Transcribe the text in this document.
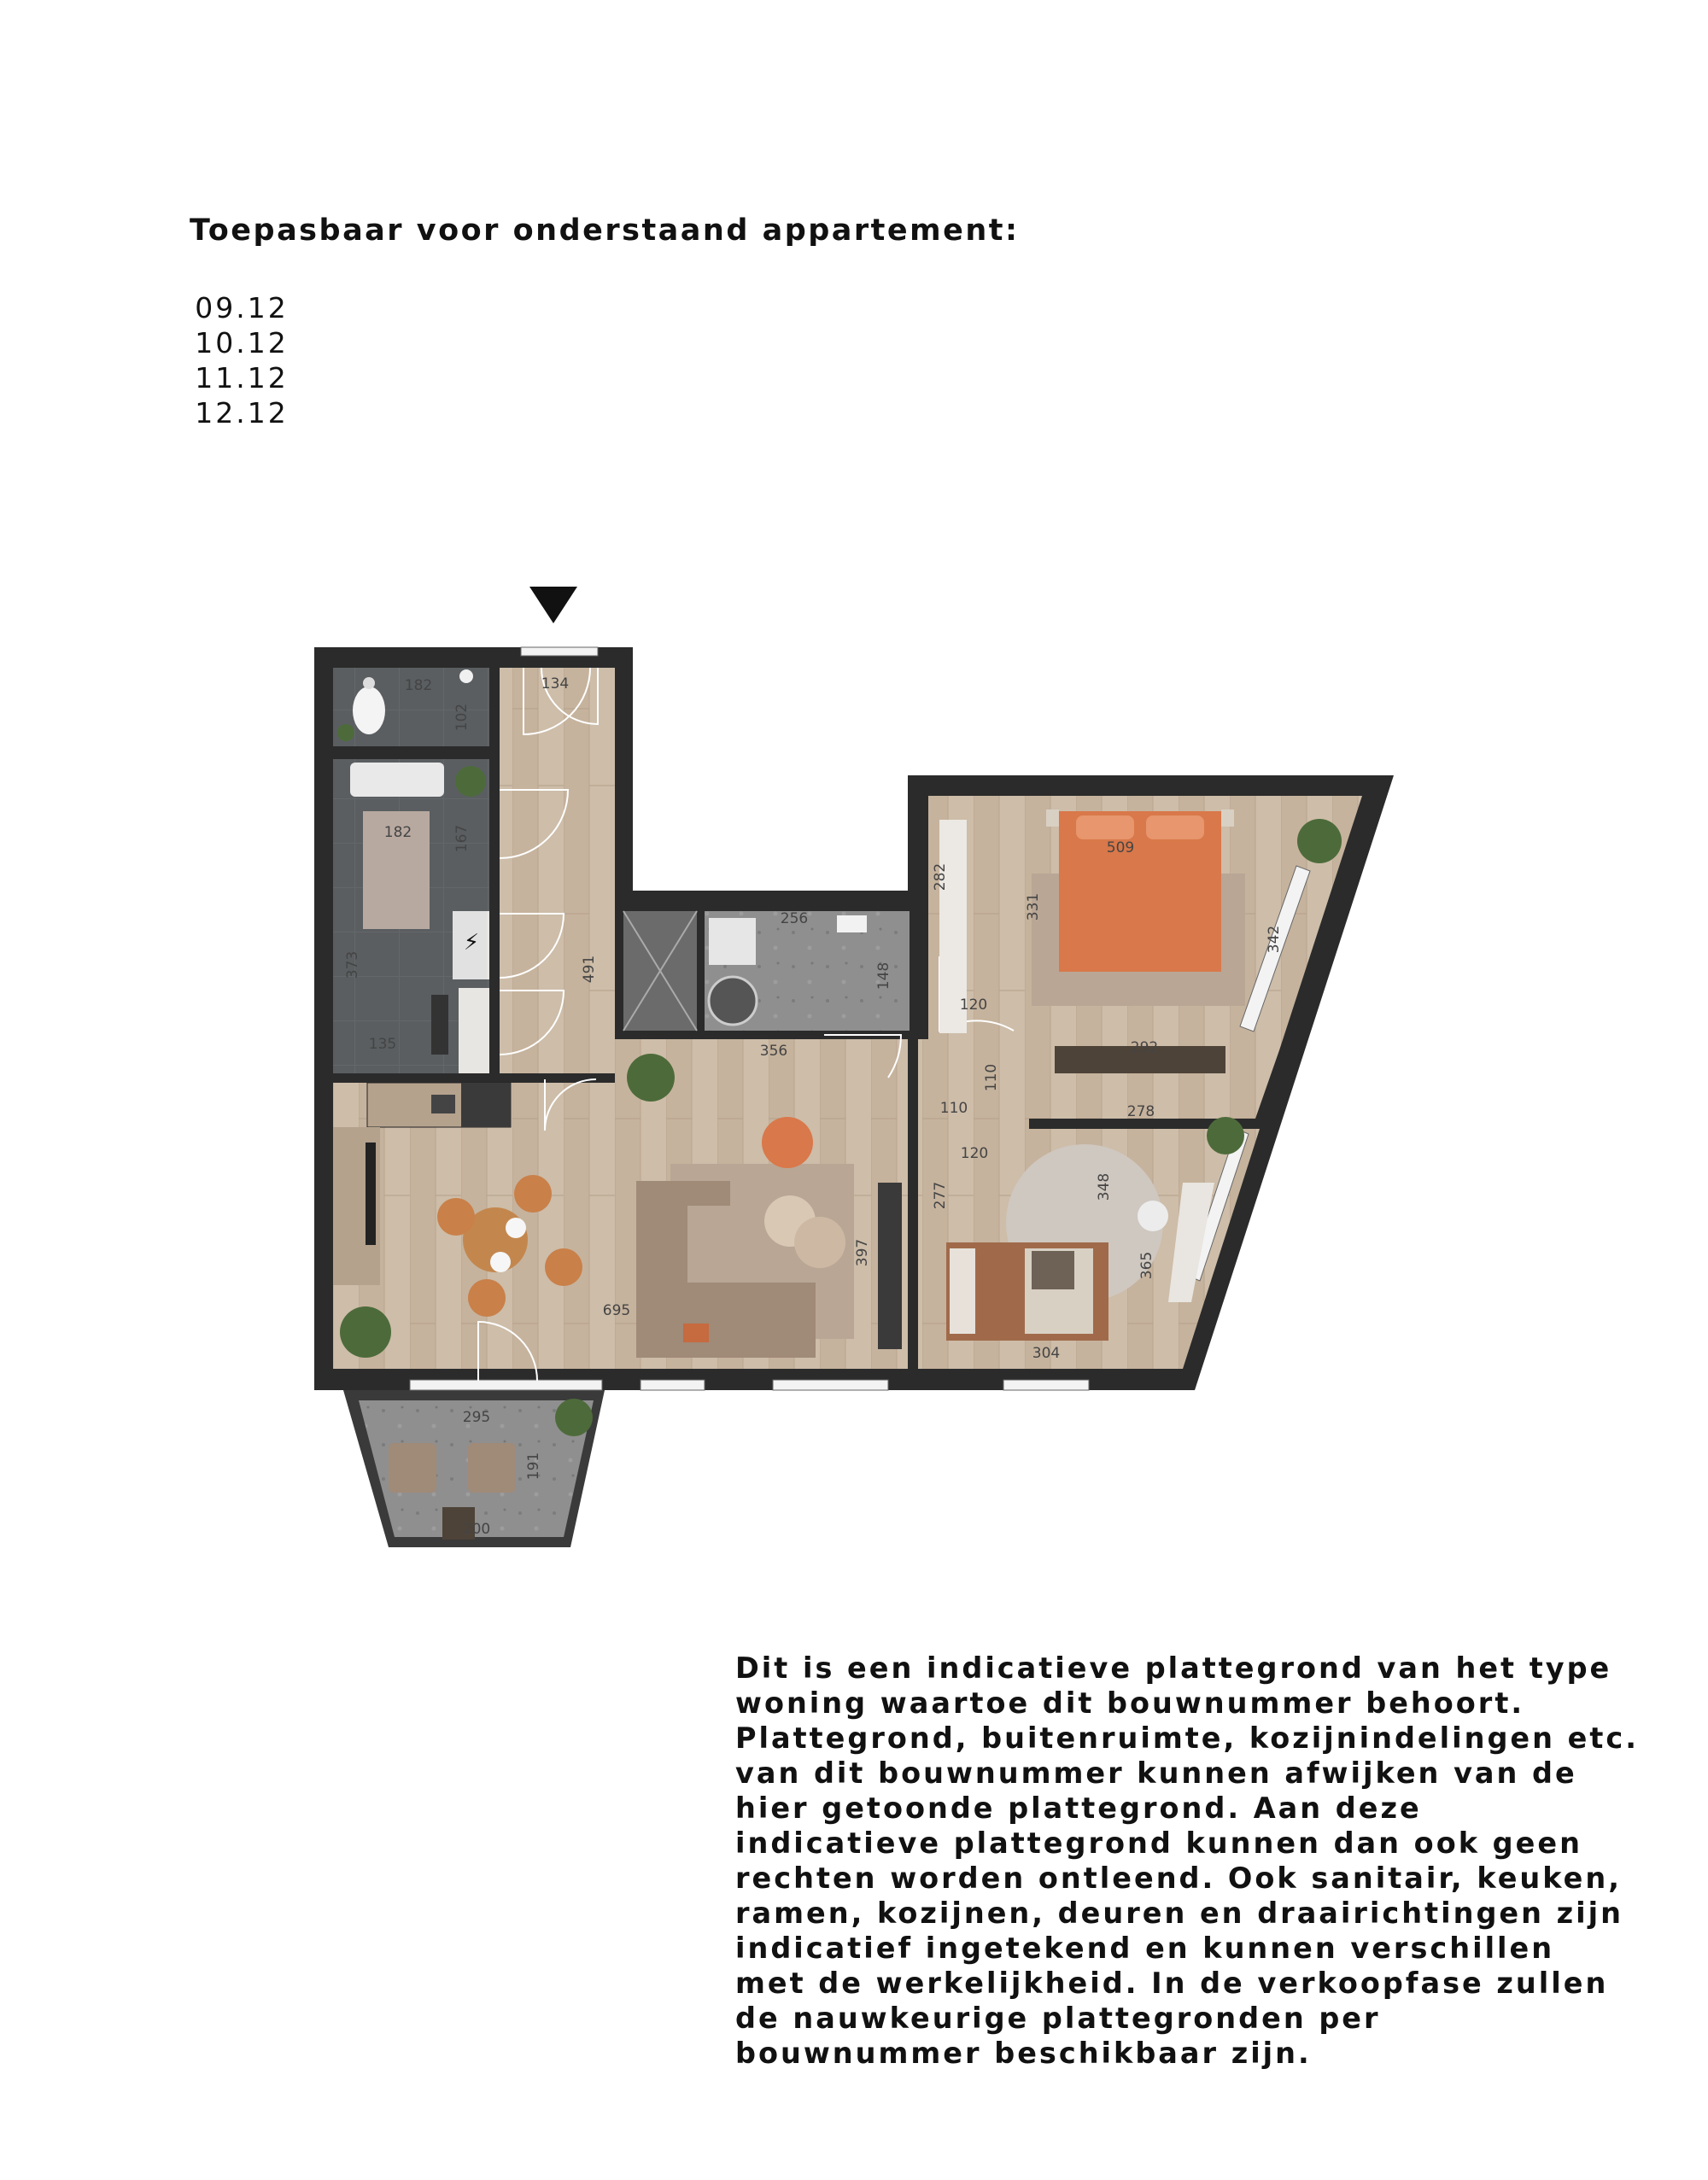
Toepasbaar voor onderstaand appartement:
09.12
10.12
11.12
12.12
⚡
182
102
134
182	167
373
135
491
256
148
356
282
509
331
342
120
292
110
110	278
120
277	348
365
397
695
304
295
191
200
Dit is een indicatieve plattegrond van het type
woning waartoe dit bouwnummer behoort.
Plattegrond, buitenruimte, kozijnindelingen etc.
van dit bouwnummer kunnen afwijken van de
hier getoonde plattegrond. Aan deze
indicatieve plattegrond kunnen dan ook geen
rechten worden ontleend. Ook sanitair, keuken,
ramen, kozijnen, deuren en draairichtingen zijn
indicatief ingetekend en kunnen verschillen
met de werkelijkheid. In de verkoopfase zullen
de nauwkeurige plattegronden per
bouwnummer beschikbaar zijn.
